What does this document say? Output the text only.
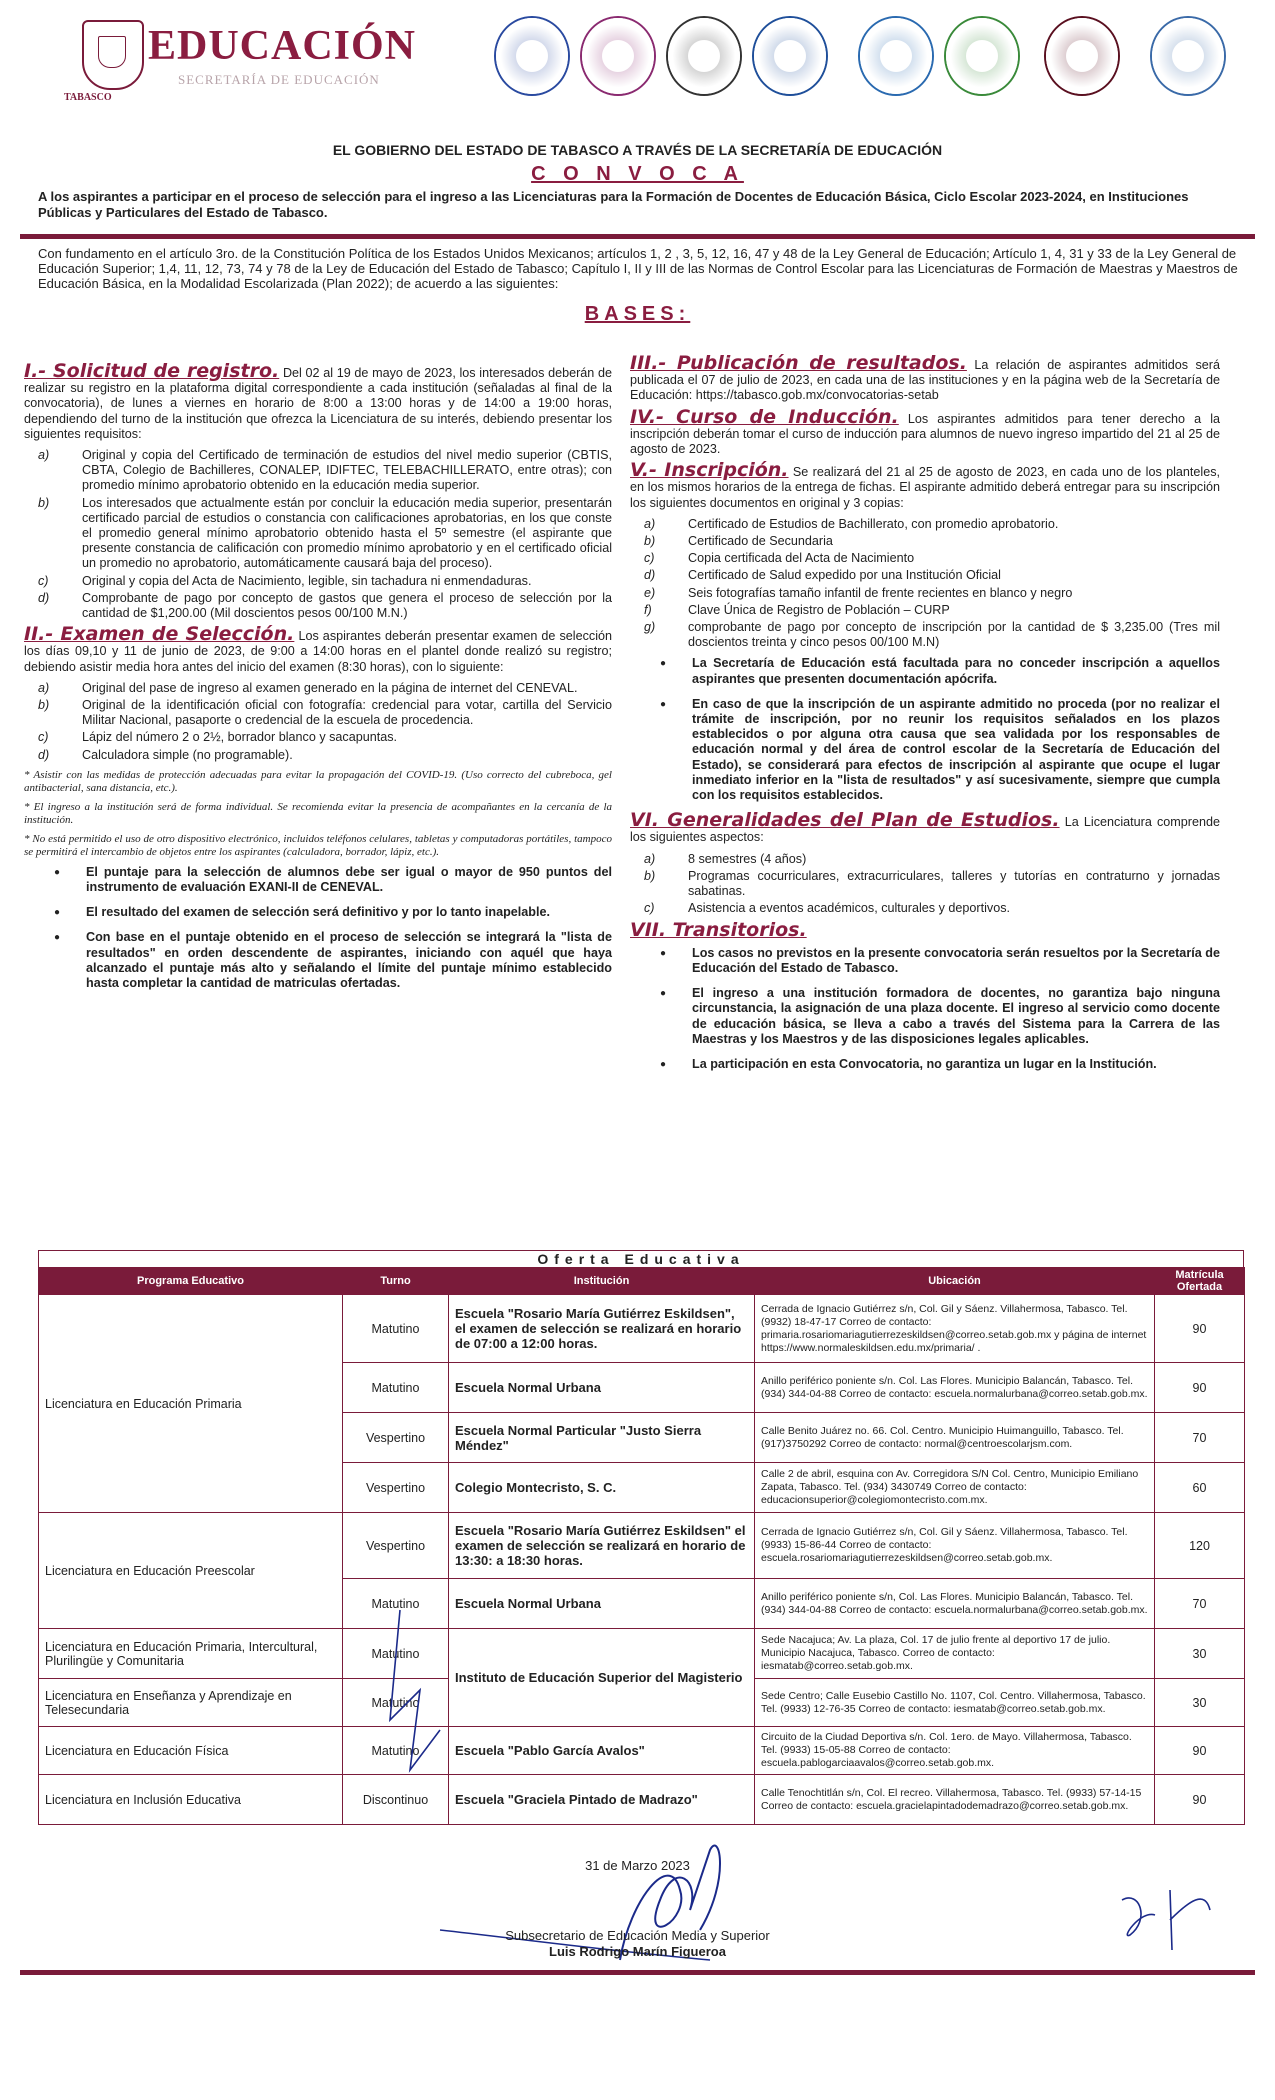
TABASCO
EDUCACIÓN
SECRETARÍA DE EDUCACIÓN
EL GOBIERNO DEL ESTADO DE TABASCO A TRAVÉS DE LA SECRETARÍA DE EDUCACIÓN
C O N V O C A
A los aspirantes a participar en el proceso de selección para el ingreso a las Licenciaturas para la Formación de Docentes de Educación Básica, Ciclo Escolar 2023-2024, en Instituciones Públicas y Particulares del Estado de Tabasco.
Con fundamento en el artículo 3ro. de la Constitución Política de los Estados Unidos Mexicanos; artículos 1, 2 , 3, 5, 12, 16, 47 y 48 de la Ley General de Educación; Artículo 1, 4, 31 y 33 de la Ley General de Educación Superior; 1,4, 11, 12, 73, 74 y 78 de la Ley de Educación del Estado de Tabasco; Capítulo I, II y III de las Normas de Control Escolar para las Licenciaturas de Formación de Maestras y Maestros de Educación Básica, en la Modalidad Escolarizada (Plan 2022); de acuerdo a las siguientes:
BASES:

I.- Solicitud de registro. Del 02 al 19 de mayo de 2023, los interesados deberán de realizar su registro en la plataforma digital correspondiente a cada institución (señaladas al final de la convocatoria), de lunes a viernes en horario de 8:00 a 13:00 horas y de 14:00 a 19:00 horas, dependiendo del turno de la institución que ofrezca la Licenciatura de su interés, debiendo presentar los siguientes requisitos:

a)	Original y copia del Certificado de terminación de estudios del nivel medio superior (CBTIS, CBTA, Colegio de Bachilleres, CONALEP, IDIFTEC, TELEBACHILLERATO, entre otras); con promedio mínimo aprobatorio obtenido en la educación media superior.
b)	Los interesados que actualmente están por concluir la educación media superior, presentarán certificado parcial de estudios o constancia con calificaciones aprobatorias, en los que conste el promedio general mínimo aprobatorio obtenido hasta el 5º semestre (el aspirante que presente constancia de calificación con promedio mínimo aprobatorio y en el certificado oficial un promedio no aprobatorio, automáticamente causará baja del proceso).
c)	Original y copia del Acta de Nacimiento, legible, sin tachadura ni enmendaduras.
d)	Comprobante de pago por concepto de gastos que genera el proceso de selección por la cantidad de $1,200.00 (Mil doscientos pesos 00/100 M.N.)

II.- Examen de Selección. Los aspirantes deberán presentar examen de selección los días 09,10 y 11 de junio de 2023, de 9:00 a 14:00 horas en el plantel donde realizó su registro; debiendo asistir media hora antes del inicio del examen (8:30 horas), con lo siguiente:

a)	Original del pase de ingreso al examen generado en la página de internet del CENEVAL.
b)	Original de la identificación oficial con fotografía: credencial para votar, cartilla del Servicio Militar Nacional, pasaporte o credencial de la escuela de procedencia.
c)	Lápiz del número 2 o 2½, borrador blanco y sacapuntas.
d)	Calculadora simple (no programable).
* Asistir con las medidas de protección adecuadas para evitar la propagación del COVID-19. (Uso correcto del cubreboca, gel antibacterial, sana distancia, etc.).
* El ingreso a la institución será de forma individual. Se recomienda evitar la presencia de acompañantes en la cercanía de la institución.
* No está permitido el uso de otro dispositivo electrónico, incluidos teléfonos celulares, tabletas y computadoras portátiles, tampoco se permitirá el intercambio de objetos entre los aspirantes (calculadora, borrador, lápiz, etc.).
● El puntaje para la selección de alumnos debe ser igual o mayor de 950 puntos del instrumento de evaluación EXANI-II de CENEVAL.
● El resultado del examen de selección será definitivo y por lo tanto inapelable.
● Con base en el puntaje obtenido en el proceso de selección se integrará la "lista de resultados" en orden descendente de aspirantes, iniciando con aquél que haya alcanzado el puntaje más alto y señalando el límite del puntaje mínimo establecido hasta completar la cantidad de matriculas ofertadas.

III.- Publicación de resultados. La relación de aspirantes admitidos será publicada el 07 de julio de 2023, en cada una de las instituciones y en la página web de la Secretaría de Educación: https://tabasco.gob.mx/convocatorias-setab

IV.- Curso de Inducción. Los aspirantes admitidos para tener derecho a la inscripción deberán tomar el curso de inducción para alumnos de nuevo ingreso impartido del 21 al 25 de agosto de 2023.

V.- Inscripción. Se realizará del 21 al 25 de agosto de 2023, en cada uno de los planteles, en los mismos horarios de la entrega de fichas. El aspirante admitido deberá entregar para su inscripción los siguientes documentos en original y 3 copias:

a)	Certificado de Estudios de Bachillerato, con promedio aprobatorio.
b)	Certificado de Secundaria
c)	Copia certificada del Acta de Nacimiento
d)	Certificado de Salud expedido por una Institución Oficial
e)	Seis fotografías tamaño infantil de frente recientes en blanco y negro
f)	Clave Única de Registro de Población – CURP
g)	comprobante de pago por concepto de inscripción por la cantidad de $ 3,235.00 (Tres mil doscientos treinta y cinco pesos 00/100 M.N)
● La Secretaría de Educación está facultada para no conceder inscripción a aquellos aspirantes que presenten documentación apócrifa.
● En caso de que la inscripción de un aspirante admitido no proceda (por no realizar el trámite de inscripción, por no reunir los requisitos señalados en los plazos establecidos o por alguna otra causa que sea validada por los responsables de educación normal y del área de control escolar de la Secretaría de Educación del Estado), se considerará para efectos de inscripción al aspirante que ocupe el lugar inmediato inferior en la "lista de resultados" y así sucesivamente, siempre que cumpla con los requisitos establecidos.

VI. Generalidades del Plan de Estudios. La Licenciatura comprende los siguientes aspectos:

a)	8 semestres (4 años)
b)	Programas cocurriculares, extracurriculares, talleres y tutorías en contraturno y jornadas sabatinas.
c)	Asistencia a eventos académicos, culturales y deportivos.

VII. Transitorios.

● Los casos no previstos en la presente convocatoria serán resueltos por la Secretaría de Educación del Estado de Tabasco.
● El ingreso a una institución formadora de docentes, no garantiza bajo ninguna circunstancia, la asignación de una plaza docente. El ingreso al servicio como docente de educación básica, se lleva a cabo a través del Sistema para la Carrera de las Maestras y los Maestros y de las disposiciones legales aplicables.
● La participación en esta Convocatoria, no garantiza un lugar en la Institución.
Oferta Educativa
Programa Educativo	Turno	Institución	Ubicación	Matrícula Ofertada
Licenciatura en Educación Primaria	Matutino	Escuela "Rosario María Gutiérrez Eskildsen", el examen de selección se realizará en horario de 07:00 a 12:00 horas.	Cerrada de Ignacio Gutiérrez s/n, Col. Gil y Sáenz. Villahermosa, Tabasco. Tel. (9932) 18-47-17 Correo de contacto: primaria.rosariomariagutierrezeskildsen@correo.setab.gob.mx y página de internet https://www.normaleskildsen.edu.mx/primaria/ .	90
	Matutino	Escuela Normal Urbana	Anillo periférico poniente s/n. Col. Las Flores. Municipio Balancán, Tabasco. Tel. (934) 344-04-88 Correo de contacto: escuela.normalurbana@correo.setab.gob.mx.	90
	Vespertino	Escuela Normal Particular "Justo Sierra Méndez"	Calle Benito Juárez no. 66. Col. Centro. Municipio Huimanguillo, Tabasco. Tel. (917)3750292 Correo de contacto: normal@centroescolarjsm.com.	70
	Vespertino	Colegio Montecristo, S. C.	Calle 2 de abril, esquina con Av. Corregidora S/N Col. Centro, Municipio Emiliano Zapata, Tabasco. Tel. (934) 3430749 Correo de contacto: educacionsuperior@colegiomontecristo.com.mx.	60
Licenciatura en Educación Preescolar	Vespertino	Escuela "Rosario María Gutiérrez Eskildsen" el examen de selección se realizará en horario de 13:30: a 18:30 horas.	Cerrada de Ignacio Gutiérrez s/n, Col. Gil y Sáenz. Villahermosa, Tabasco. Tel. (9933) 15-86-44 Correo de contacto: escuela.rosariomariagutierrezeskildsen@correo.setab.gob.mx.	120
	Matutino	Escuela Normal Urbana	Anillo periférico poniente s/n, Col. Las Flores. Municipio Balancán, Tabasco. Tel. (934) 344-04-88 Correo de contacto: escuela.normalurbana@correo.setab.gob.mx.	70
Licenciatura en Educación Primaria, Intercultural, Plurilingüe y Comunitaria	Matutino	Instituto de Educación Superior del Magisterio	Sede Nacajuca; Av. La plaza, Col. 17 de julio frente al deportivo 17 de julio. Municipio Nacajuca, Tabasco. Correo de contacto: iesmatab@correo.setab.gob.mx.	30
Licenciatura en Enseñanza y Aprendizaje en Telesecundaria	Matutino		Sede Centro; Calle Eusebio Castillo No. 1107, Col. Centro. Villahermosa, Tabasco. Tel. (9933) 12-76-35 Correo de contacto: iesmatab@correo.setab.gob.mx.	30
Licenciatura en Educación Física	Matutino	Escuela "Pablo García Avalos"	Circuito de la Ciudad Deportiva s/n. Col. 1ero. de Mayo. Villahermosa, Tabasco. Tel. (9933) 15-05-88 Correo de contacto: escuela.pablogarciaavalos@correo.setab.gob.mx.	90
Licenciatura en Inclusión Educativa	Discontinuo	Escuela "Graciela Pintado de Madrazo"	Calle Tenochtitlán s/n, Col. El recreo. Villahermosa, Tabasco. Tel. (9933) 57-14-15 Correo de contacto: escuela.gracielapintadodemadrazo@correo.setab.gob.mx.	90
31 de Marzo 2023
Subsecretario de Educación Media y Superior
Luis Rodrigo Marín Figueroa
